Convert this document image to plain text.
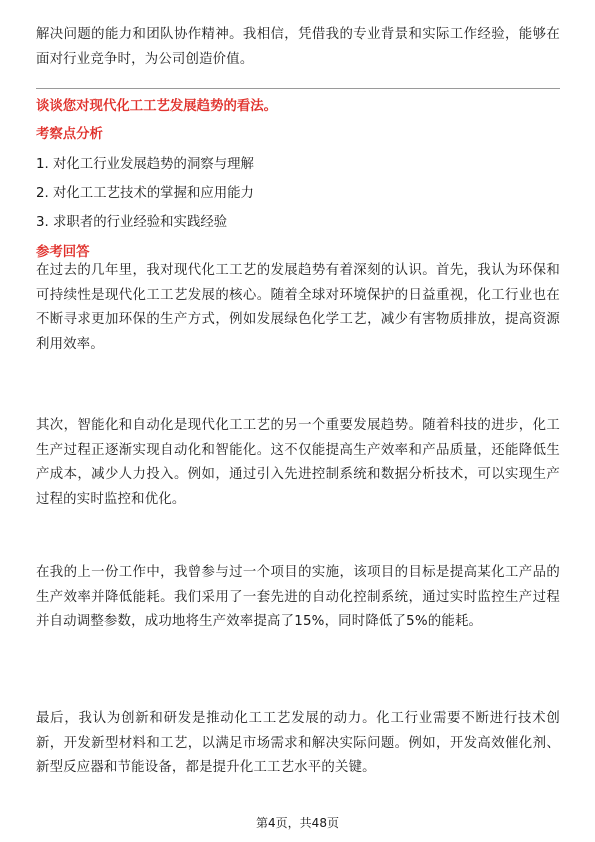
解决问题的能力和团队协作精神。我相信，凭借我的专业背景和实际工作经验，能够在面对行业竞争时，为公司创造价值。

谈谈您对现代化工工艺发展趋势的看法。

考察点分析

1. 对化工行业发展趋势的洞察与理解
2. 对化工工艺技术的掌握和应用能力
3. 求职者的行业经验和实践经验

参考回答

在过去的几年里，我对现代化工工艺的发展趋势有着深刻的认识。首先，我认为环保和可持续性是现代化工工艺发展的核心。随着全球对环境保护的日益重视，化工行业也在不断寻求更加环保的生产方式，例如发展绿色化学工艺，减少有害物质排放，提高资源利用效率。

其次，智能化和自动化是现代化工工艺的另一个重要发展趋势。随着科技的进步，化工生产过程正逐渐实现自动化和智能化。这不仅能提高生产效率和产品质量，还能降低生产成本，减少人力投入。例如，通过引入先进控制系统和数据分析技术，可以实现生产过程的实时监控和优化。

在我的上一份工作中，我曾参与过一个项目的实施，该项目的目标是提高某化工产品的生产效率并降低能耗。我们采用了一套先进的自动化控制系统，通过实时监控生产过程并自动调整参数，成功地将生产效率提高了15%，同时降低了5%的能耗。

最后，我认为创新和研发是推动化工工艺发展的动力。化工行业需要不断进行技术创新，开发新型材料和工艺，以满足市场需求和解决实际问题。例如，开发高效催化剂、新型反应器和节能设备，都是提升化工工艺水平的关键。

第4页，共48页
